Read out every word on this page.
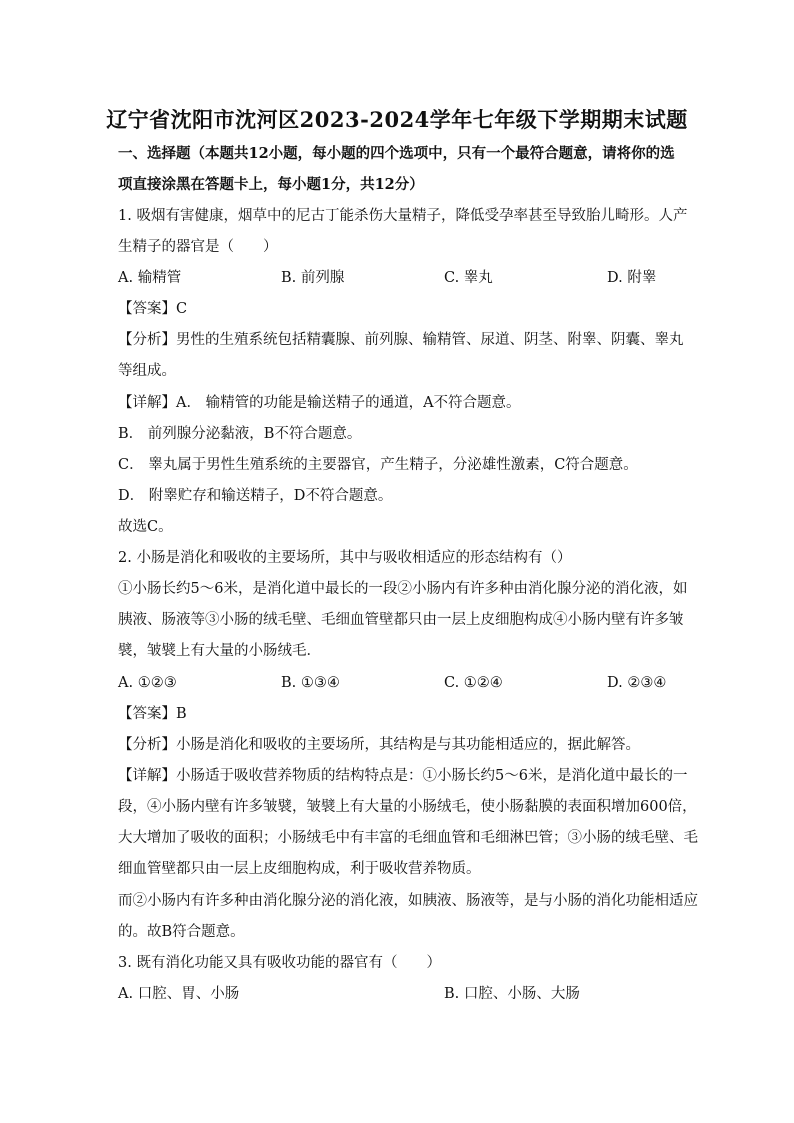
辽宁省沈阳市沈河区2023-2024学年七年级下学期期末试题

一、选择题（本题共12小题，每小题的四个选项中，只有一个最符合题意，请将你的选

项直接涂黑在答题卡上，每小题1分，共12分）

1. 吸烟有害健康，烟草中的尼古丁能杀伤大量精子，降低受孕率甚至导致胎儿畸形。人产

生精子的器官是（　　）

A. 输精管	B. 前列腺	C. 睾丸	D. 附睾

【答案】C

【分析】男性的生殖系统包括精囊腺、前列腺、输精管、尿道、阴茎、附睾、阴囊、睾丸

等组成。

【详解】A． 输精管的功能是输送精子的通道，A不符合题意。

B． 前列腺分泌黏液，B不符合题意。

C． 睾丸属于男性生殖系统的主要器官，产生精子，分泌雄性激素，C符合题意。

D． 附睾贮存和输送精子，D不符合题意。

故选C。

2. 小肠是消化和吸收的主要场所，其中与吸收相适应的形态结构有（）

①小肠长约5～6米，是消化道中最长的一段②小肠内有许多种由消化腺分泌的消化液，如

胰液、肠液等③小肠的绒毛壁、毛细血管壁都只由一层上皮细胞构成④小肠内壁有许多皱

襞，皱襞上有大量的小肠绒毛．

A. ①②③	B. ①③④	C. ①②④	D. ②③④

【答案】B

【分析】小肠是消化和吸收的主要场所，其结构是与其功能相适应的，据此解答。

【详解】小肠适于吸收营养物质的结构特点是：①小肠长约5～6米，是消化道中最长的一

段，④小肠内壁有许多皱襞，皱襞上有大量的小肠绒毛，使小肠黏膜的表面积增加600倍，

大大增加了吸收的面积；小肠绒毛中有丰富的毛细血管和毛细淋巴管；③小肠的绒毛壁、毛

细血管壁都只由一层上皮细胞构成，利于吸收营养物质。

而②小肠内有许多种由消化腺分泌的消化液，如胰液、肠液等，是与小肠的消化功能相适应

的。故B符合题意。

3. 既有消化功能又具有吸收功能的器官有（　　）

A. 口腔、胃、小肠	B. 口腔、小肠、大肠
